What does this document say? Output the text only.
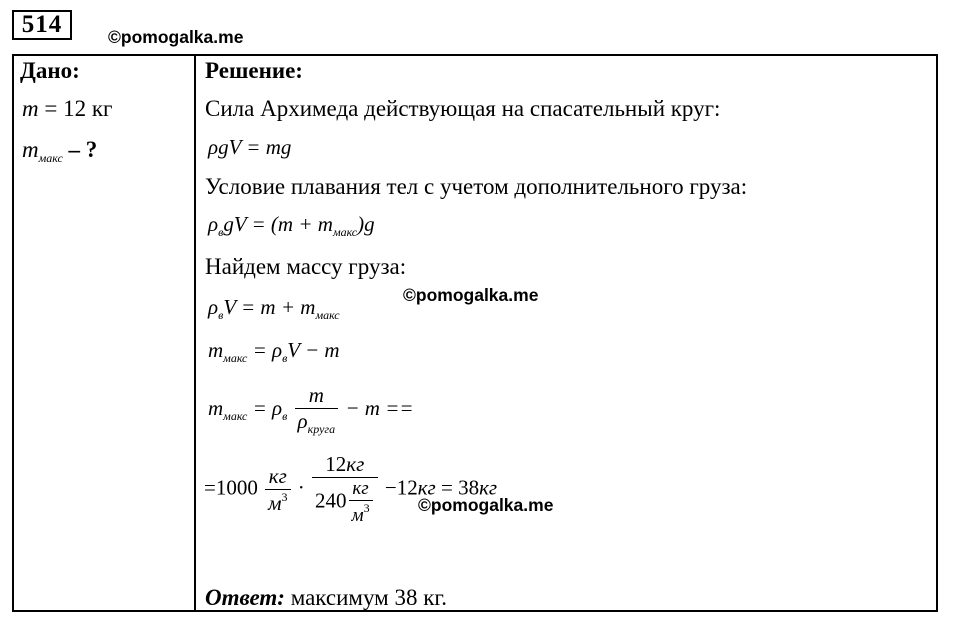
514	©pomogalka.me
Дано:
m = 12 кг
$m_{макс}$ – ?
Решение:
Сила Архимеда действующая на спасательный круг:
ρgV = mg
Условие плавания тел с учетом дополнительного груза:
$\rho_вgV = (m + m_{макс})g$
Найдем массу груза:
©pomogalka.me
$\rho_вV = m + m_{макс}$
$m_{макс} = \rho_вV - m$
$m_{макс} = \rho_в \frac{m}{\rho_{круга}} - m$ ==
$=1000 \frac{кг}{м^3} \cdot \frac{12кг}{240 \frac{кг}{м^3}} -12кг = 38кг$
©pomogalka.me
Ответ: максимум 38 кг.
